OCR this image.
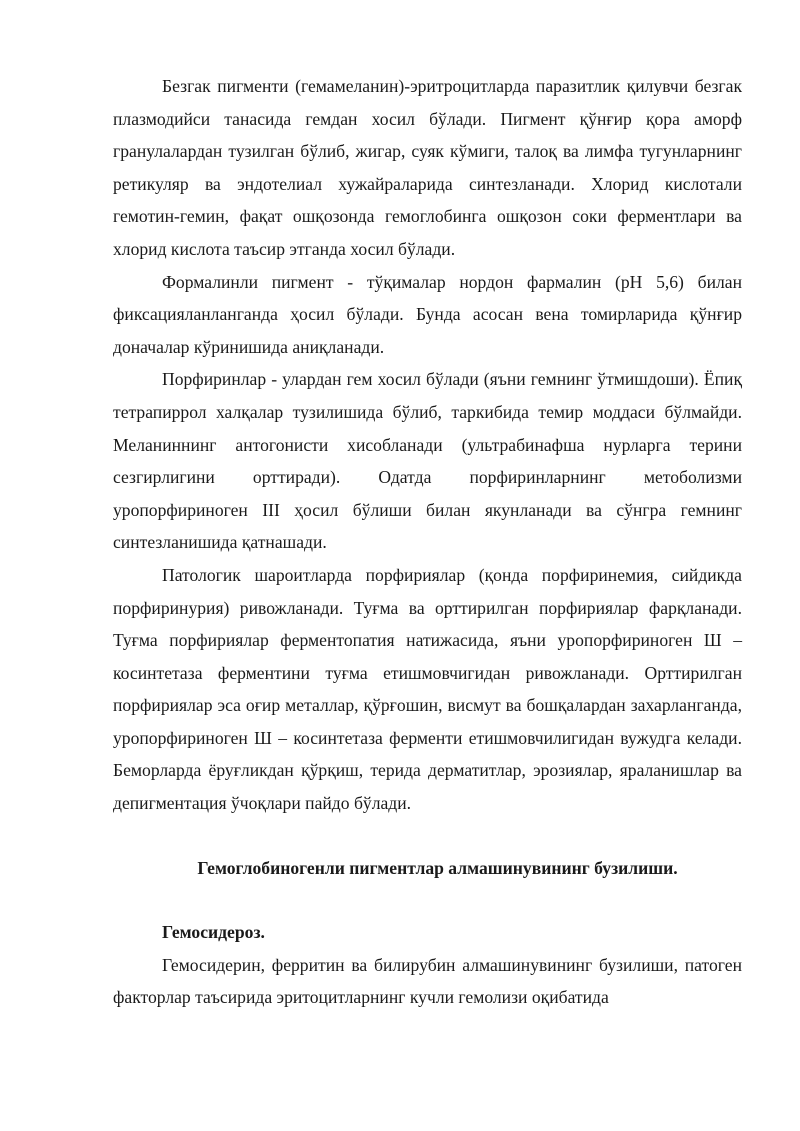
Безгак пигменти (гемамеланин)-эритроцитларда паразитлик қилувчи безгак плазмодийси танасида гемдан хосил бўлади. Пигмент қўнғир қора аморф гранулалардан тузилган бўлиб, жигар, суяк кўмиги, талоқ ва лимфа тугунларнинг ретикуляр ва эндотелиал хужайраларида синтезланади. Хлорид кислотали гемотин-гемин, фақат ошқозонда гемоглобинга ошқозон соки ферментлари ва хлорид кислота таъсир этганда хосил бўлади.

Формалинли пигмент - тўқималар нордон фармалин (рН 5,6) билан фиксацияланланганда ҳосил бўлади. Бунда асосан вена томирларида қўнғир доначалар кўринишида аниқланади.

Порфиринлар - улардан гем хосил бўлади (яъни гемнинг ўтмишдоши). Ёпиқ тетрапиррол халқалар тузилишида бўлиб, таркибида темир моддаси бўлмайди. Меланиннинг антогонисти хисобланади (ультрабинафша нурларга терини сезгирлигини орттиради). Одатда порфиринларнинг метоболизми уропорфириноген III ҳосил бўлиши билан якунланади ва сўнгра гемнинг синтезланишида қатнашади.

Патологик шароитларда порфириялар (қонда порфиринемия, сийдикда порфиринурия) ривожланади. Туғма ва орттирилган порфириялар фарқланади. Туғма порфириялар ферментопатия натижасида, яъни уропорфириноген Ш – косинтетаза ферментини туғма етишмовчигидан ривожланади. Орттирилган порфириялар эса оғир металлар, қўрғошин, висмут ва бошқалардан захарланганда, уропорфириноген Ш – косинтетаза ферменти етишмовчилигидан вужудга келади. Беморларда ёруғликдан қўрқиш, терида дерматитлар, эрозиялар, яраланишлар ва депигментация ўчоқлари пайдо бўлади.

Гемоглобиногенли пигментлар алмашинувининг бузилиши.

Гемосидероз.

Гемосидерин, ферритин ва билирубин алмашинувининг бузилиши, патоген факторлар таъсирида эритоцитларнинг кучли гемолизи оқибатида
